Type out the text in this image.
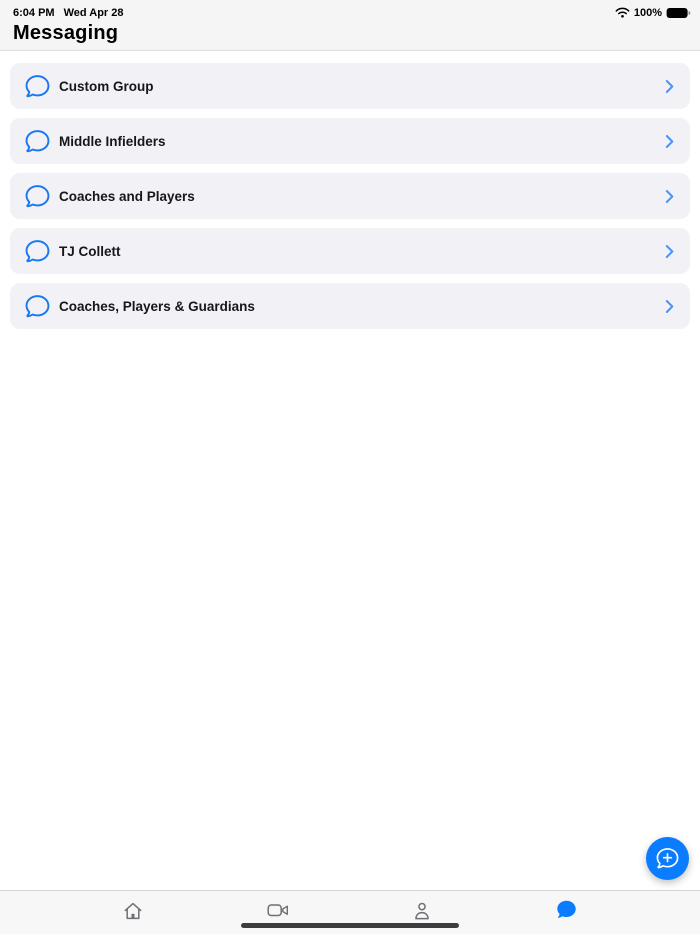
6:04 PM Wed Apr 28	100%
Messaging
Custom Group
Middle Infielders
Coaches and Players
TJ Collett
Coaches, Players & Guardians
